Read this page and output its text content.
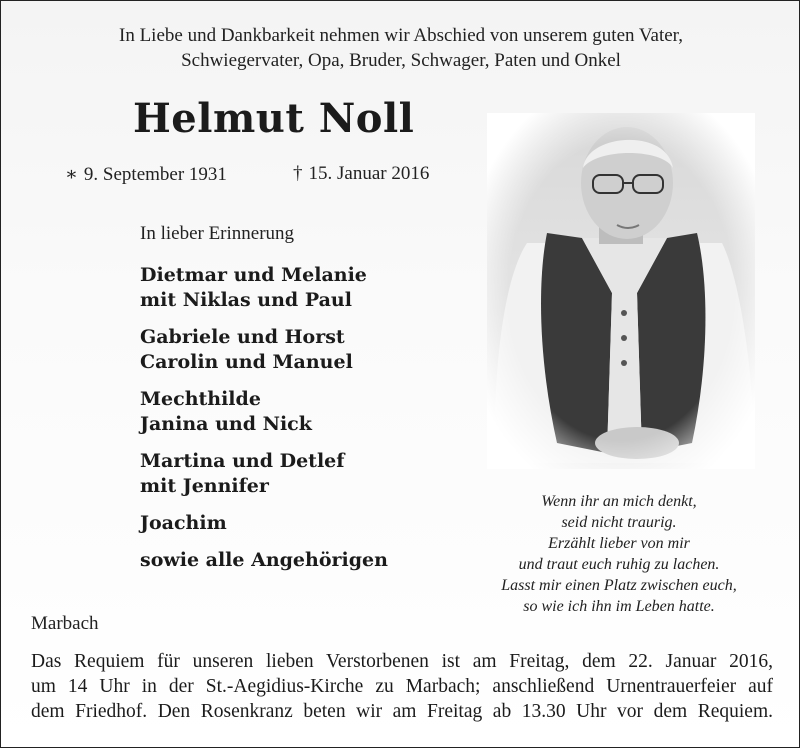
In Liebe und Dankbarkeit nehmen wir Abschied von unserem guten Vater,
Schwiegervater, Opa, Bruder, Schwager, Paten und Onkel
Helmut Noll
∗ 9. September 1931	† 15. Januar 2016
In lieber Erinnerung
Dietmar und Melanie
mit Niklas und Paul
Gabriele und Horst
Carolin und Manuel
Mechthilde
Janina und Nick
Martina und Detlef
mit Jennifer
Joachim
sowie alle Angehörigen
Wenn ihr an mich denkt,
seid nicht traurig.
Erzählt lieber von mir
und traut euch ruhig zu lachen.
Lasst mir einen Platz zwischen euch,
so wie ich ihn im Leben hatte.
Marbach
Das Requiem für unseren lieben Verstorbenen ist am Freitag, dem 22. Januar 2016,
um 14 Uhr in der St.-Aegidius-Kirche zu Marbach; anschließend Urnentrauerfeier auf
dem Friedhof. Den Rosenkranz beten wir am Freitag ab 13.30 Uhr vor dem Requiem.
